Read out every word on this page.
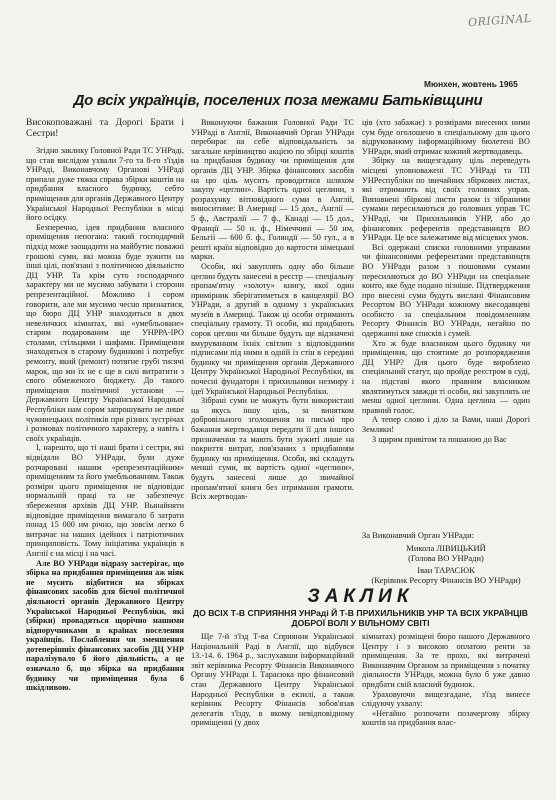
ORIGINAL
Мюнхен, жовтень 1965
До всіх українців, поселених поза межами Батьківщини
Високоповажані та Дорогі Брати і Сестри!

Згідно заклику Головної Ради ТС УНРаді, що став вислідом ухвали 7-го та 8-го з'їздів УНРаді, Виконавчому Органові УНРаді припала дуже тяжка справа збірки коштів на придбання власного будинку, себто приміщення для органів Державного Центру Української Народньої Республіки в місці його осідку.

Безперечно, ідея придбання власного приміщення непогана: такий господарчий підхід може заощадити на майбутнє поважні грошові суми, які можна буде зужити на інші цілі, пов'язані з політичною діяльністю ДЦ УНР. Та крім суто господарчого характеру ми не мусимо забувати і сторони репрезентаційної. Можливо і сором говорити, але ми мусимо чесно признатися, що бюро ДЦ УНР знаходиться в двох невеличких кімнатах, які «умебльоване» старим подарованим ще УНРРА-ІРО столами, стільцями і шафами. Приміщення знаходяться в старому будинкові і потребує ремонту, який (ремонт) потягне грубі тисячі марок, що ми їх не є ще в силі витратити з свого обмеженого бюджету. До такого приміщення політичної установи — Державного Центру Української Народньої Республіки нам сором запрошувати не лише чужинецьких політиків при різних зустрічах і розмовах політичного характеру, а навіть і своїх українців.

І, нарешто, що ті наші брати і сестри, які відвідали ВО УНРади, були дуже розчаровані нашим «репрезентаційним» приміщенням та його умебльованням. Також розміри цього приміщення не відповідає нормальній праці та не забезпечує збереження архівів ДЦ УНР. Вынайняти відповідне приміщення вимагало б затрати понад 15 000 нм річно, що зовсім легко б витрачає на наших ідейних і патріотичних принциповість. Тому ініціатива українців в Англії є на місці і на часі.

Але ВО УНРади відразу застерігає, що збірка на придбання приміщення аж ніяк не мусить відбитися на збірках фінансових засобів для бієчої політичної діяльності органів Державного Центру Української Народньої Республіки, які (збірки) провадяться щорічно нашими відпоручниками в країнах поселення українців. Послаблення чи зменшення дотеперішніх фінансових засобів ДЦ УНР паралізувало б його діяльність, а це означало б, що збірка на придбання будинку чи приміщення була б шкідливою.

Виконуючи бажання Головної Ради ТС УНРаді в Англії, Виконавчий Орган УНРади перебирає на себе відповідальність за загальне керівництво акцією по збірці коштів на придбання будинку чи приміщення для органів ДЦ УНР. Збірка фінансових засобів на цю ціль мусить проводитися шляхом закупу «цеглин». Вартість одної цеглини, з розрахунку вітповідного суми в Англії, виноситиме: В Америці — 15 дол., Англії — 5 ф., Австралії — 7 ф., Канаді — 15 дол., Франції — 50 н. ф., Німеччині — 50 нм, Бельгії — 600 б. ф., Голяндії — 50 гул., а в решті країн відповідно до вартости німецької марки.

Особи, які закуплять одну або більше цеглин будуть занесені в реєстр — спеціальну пропам'ятну «золоту» книгу, якої один примірник зберігатиметься в канцелярії ВО УНРади, а другий в одному з українських музеїв в Америці. Також ці особи отримають спеціальну грамоту. Ті особи, які придбають сорок цеглин чи більше будуть ще відзначені вмуруванням їхніх світлин з відповідними підписами під ними в одній із стін в середині будинку чи приміщення органів Державного Центру Української Народньої Республіки, як почесні фундатори і прихильники незмиру і ідеї Української Народньої Республіки.

Зібрані суми не можуть бути використані на якусь іншу ціль, за винятком добровільного зголошення на письмі про бажання жертводавця передати її для іншого призначення та мають бути зужиті лише на покриття витрат, пов'язаних з придбанням будинку чи приміщення. Особи, які складуть менші суми, як вартість одної «цеглини», будуть занесені лише до звичайної пропам'ятної книги без отримання грамоти. Всіх жертводав-

ців (хто забажає) з розмірами внесених ними сум буде оголошено в спеціальному для цього відрукованому інформаційному бюлетені ВО УНРади, який отримає кожний жертводавець.

Збірку на вищезгадану ціль переведуть місцеві уповноважені ТС УНРаді та ТП УНРеспубліки по звичайних збіркових листах, які отримають від своїх головних управ. Виповнені збіркові листи разом із зібраними сумами пересилаються до головних управ ТС УНРаді, чи Прихильників УНР, або до фінансових референтів представництв ВО УНРади. Це все залежатиме від місцевих умов.

Всі одержані списки головними управами чи фінансовими референтами представництв ВО УНРади разом з пошовими сумами пересилаються до ВО УНРади на спеціальне конто, яке буде подано пізніше. Підтвердження про внесені суми будуть вислані Фінансовим Ресортом ВО УНРади кожному вкесодавцеві особисто за спеціальним повідомленням Ресорту Фінансів ВО УНРади, негайно по одержанні вже списків і сумей.

Хто ж буде власником цього будинку чи приміщення, що стоятиме до розпорядження ДЦ УНР? Для цього буде вироблено спеціяльний статут, що пройде реєстром в суді, на підставі якого правним власником являтимуться завжди ті особи, які закуплять не менш одної цеглини. Одна цеглина — один правний голос.

А тепер слово і діло за Вами, наші Дорогі Земляки!

З щирим привітом та пошаною до Вас

За Виконавчий Орган УНРади:
Микола ЛІВИЦЬКИЙ
(Голова ВО УНРади)
Іван ТАРАСЮК
(Керівник Ресорту Фінансів ВО УНРади)
ЗАКЛИК
ДО ВСІХ Т-В СПРИЯННЯ УНРаді Й Т-В ПРИХИЛЬНИКІВ УНР ТА ВСІХ УКРАЇНЦІВ ДОБРОЇ ВОЛІ У ВІЛЬНОМУ СВІТІ

Ще 7-й з'їзд Т-ва Сприяння Української Національній Раді в Англії, що відбувся 13.-14. 6. 1964 р., заслухавши інформаційний звіт керівника Ресорту Фінансів Виконавчого Органу УНРади І. Тарасюка про фінансовий стан Державного Центру Української Народньої Республіки в екзилі, а також керівник Ресорту Фінансів зобов'язав делегатів з'їзду, в якому невідповідному приміщенні (у двох

кімнатах) розміщені бюро нашого Державного Центру і з високою оплатою ренти за приміщення. За те прохо, які витрачені Виконавчим Органом за приміщення з початку діяльности УНРади, можна було б уже давно придбати свій власний будинок.

Ураховуючи вищезгадане, з'їзд винесе слідуючу ухвалу:

«Негайно розпочати позачергову збірку коштів на придбання влас-
